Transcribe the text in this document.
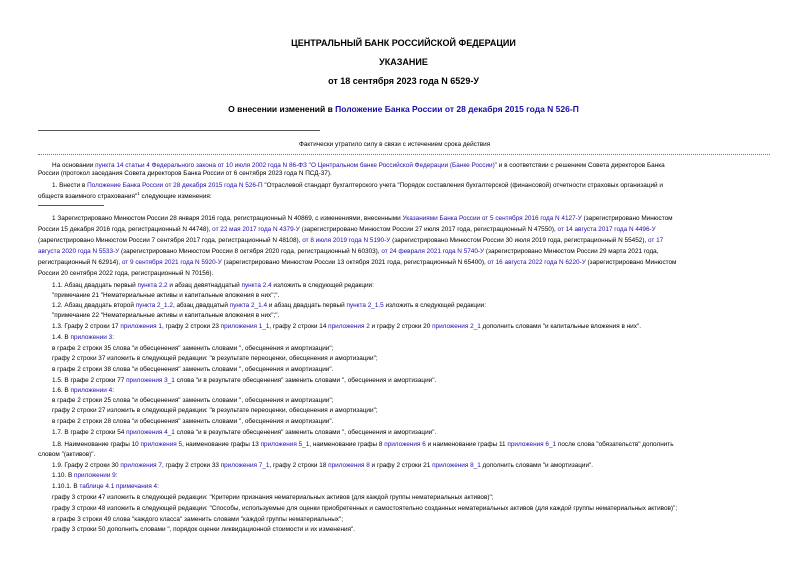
ЦЕНТРАЛЬНЫЙ БАНК РОССИЙСКОЙ ФЕДЕРАЦИИ
УКАЗАНИЕ
от 18 сентября 2023 года N 6529-У
О внесении изменений в Положение Банка России от 28 декабря 2015 года N 526-П
Фактически утратило силу в связи с истечением срока действия
На основании пункта 14 статьи 4 Федерального закона от 10 июля 2002 года N 86-ФЗ "О Центральном банке Российской Федерации (Банке России)" и в соответствии с решением Совета директоров Банка
России (протокол заседания Совета директоров Банка России от 6 сентября 2023 года N ПСД-37).
1. Внести в Положение Банка России от 28 декабря 2015 года N 526-П "Отраслевой стандарт бухгалтерского учета "Порядок составления бухгалтерской (финансовой) отчетности страховых организаций и
обществ взаимного страхования"$^1$ следующие изменения:
1 Зарегистрировано Минюстом России 28 января 2016 года, регистрационный N 40869, с изменениями, внесенными Указаниями Банка России от 5 сентября 2016 года N 4127-У (зарегистрировано Минюстом
России 15 декабря 2016 года, регистрационный N 44748), от 22 мая 2017 года N 4379-У (зарегистрировано Минюстом России 27 июля 2017 года, регистрационный N 47550), от 14 августа 2017 года N 4496-У
(зарегистрировано Минюстом России 7 сентября 2017 года, регистрационный N 48108), от 8 июля 2019 года N 5190-У (зарегистрировано Минюстом России 30 июля 2019 года, регистрационный N 55452), от 17
августа 2020 года N 5533-У (зарегистрировано Минюстом России 8 октября 2020 года, регистрационный N 60303), от 24 февраля 2021 года N 5740-У (зарегистрировано Минюстом России 29 марта 2021 года,
регистрационный N 62914), от 9 сентября 2021 года N 5920-У (зарегистрировано Минюстом России 13 октября 2021 года, регистрационный N 65400), от 16 августа 2022 года N 6220-У (зарегистрировано Минюстом
России 20 сентября 2022 года, регистрационный N 70156).
1.1. Абзац двадцать первый пункта 2.2 и абзац девятнадцатый пункта 2.4 изложить в следующей редакции:
"примечание 21 "Нематериальные активы и капитальные вложения в них";".
1.2. Абзац двадцать второй пункта 2_1.2, абзац двадцатый пункта 2_1.4 и абзац двадцать первый пункта 2_1.5 изложить в следующей редакции:
"примечание 22 "Нематериальные активы и капитальные вложения в них";".
1.3. Графу 2 строки 17 приложения 1, графу 2 строки 23 приложения 1_1, графу 2 строки 14 приложения 2 и графу 2 строки 20 приложения 2_1 дополнить словами "и капитальные вложения в них".
1.4. В приложении 3:
в графе 2 строки 35 слова "и обесценения" заменить словами ", обесценения и амортизации";
графу 2 строки 37 изложить в следующей редакции: "в результате переоценки, обесценения и амортизации";
в графе 2 строки 38 слова "и обесценения" заменить словами ", обесценения и амортизации".
1.5. В графе 2 строки 77 приложения 3_1 слова "и в результате обесценения" заменить словами ", обесценения и амортизации".
1.6. В приложении 4:
в графе 2 строки 25 слова "и обесценения" заменить словами ", обесценения и амортизации";
графу 2 строки 27 изложить в следующей редакции: "в результате переоценки, обесценения и амортизации";
в графе 2 строки 28 слова "и обесценения" заменить словами ", обесценения и амортизации".
1.7. В графе 2 строки 54 приложения 4_1 слова "и в результате обесценения" заменить словами ", обесценения и амортизации".
1.8. Наименование графы 10 приложения 5, наименование графы 13 приложения 5_1, наименование графы 8 приложения 6 и наименование графы 11 приложения 6_1 после слова "обязательств" дополнить
словом "(активов)".
1.9. Графу 2 строки 30 приложения 7, графу 2 строки 33 приложения 7_1, графу 2 строки 18 приложения 8 и графу 2 строки 21 приложения 8_1 дополнить словами "и амортизации".
1.10. В приложении 9:
1.10.1. В таблице 4.1 примечания 4:
графу 3 строки 47 изложить в следующей редакции: "Критерии признания нематериальных активов (для каждой группы нематериальных активов)";
графу 3 строки 48 изложить в следующей редакции: "Способы, используемые для оценки приобретенных и самостоятельно созданных нематериальных активов (для каждой группы нематериальных активов)";
в графе 3 строки 49 слова "каждого класса" заменить словами "каждой группы нематериальных";
графу 3 строки 50 дополнить словами ", порядок оценки ликвидационной стоимости и их изменения".
